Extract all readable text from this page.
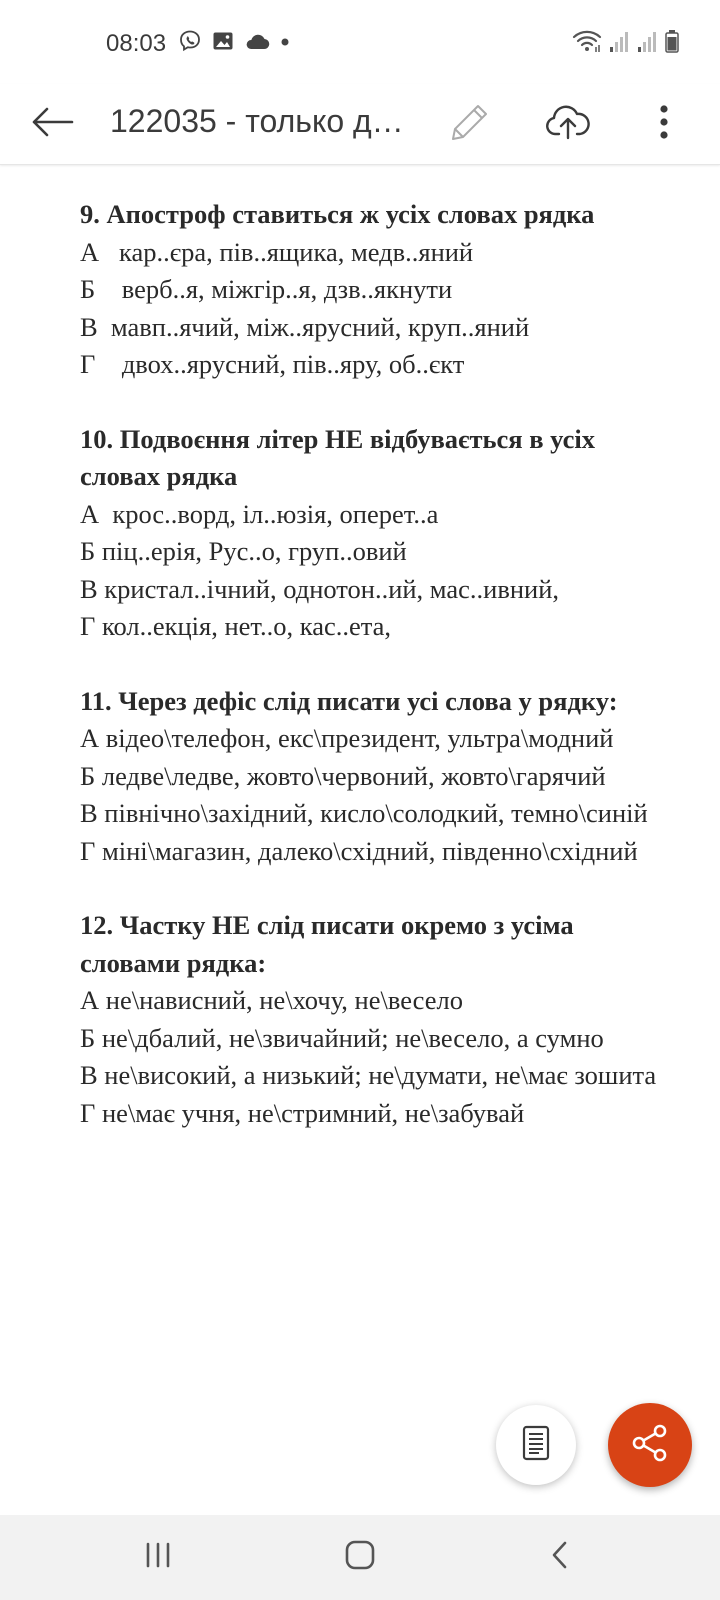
08:03
122035 - только д…
9. Апостроф ставиться ж усіх словах рядка
А   кар..єра, пів..ящика, медв..яний
Б    верб..я, міжгір..я, дзв..якнути
В  мавп..ячий, між..ярусний, круп..яний
Г    двох..ярусний, пів..яру, об..єкт
10. Подвоєння літер НЕ відбувається в усіх словах рядка
А  крос..ворд, іл..юзія, оперет..а
Б піц..ерія, Рус..о, груп..овий
В кристал..ічний, однотон..ий, мас..ивний,
Г кол..екція, нет..о, кас..ета,
11. Через дефіс слід писати усі слова у рядку:
А відео\телефон, екс\президент, ультра\модний
Б ледве\ледве, жовто\червоний, жовто\гарячий
В північно\західний, кисло\солодкий, темно\синій
Г міні\магазин, далеко\східний, південно\східний
12. Частку НЕ слід писати окремо з усіма словами рядка:
А не\нависний, не\хочу, не\весело
Б не\дбалий, не\звичайний; не\весело, а сумно
В не\високий, а низький; не\думати, не\має зошита
Г не\має учня, не\стримний, не\забувай
